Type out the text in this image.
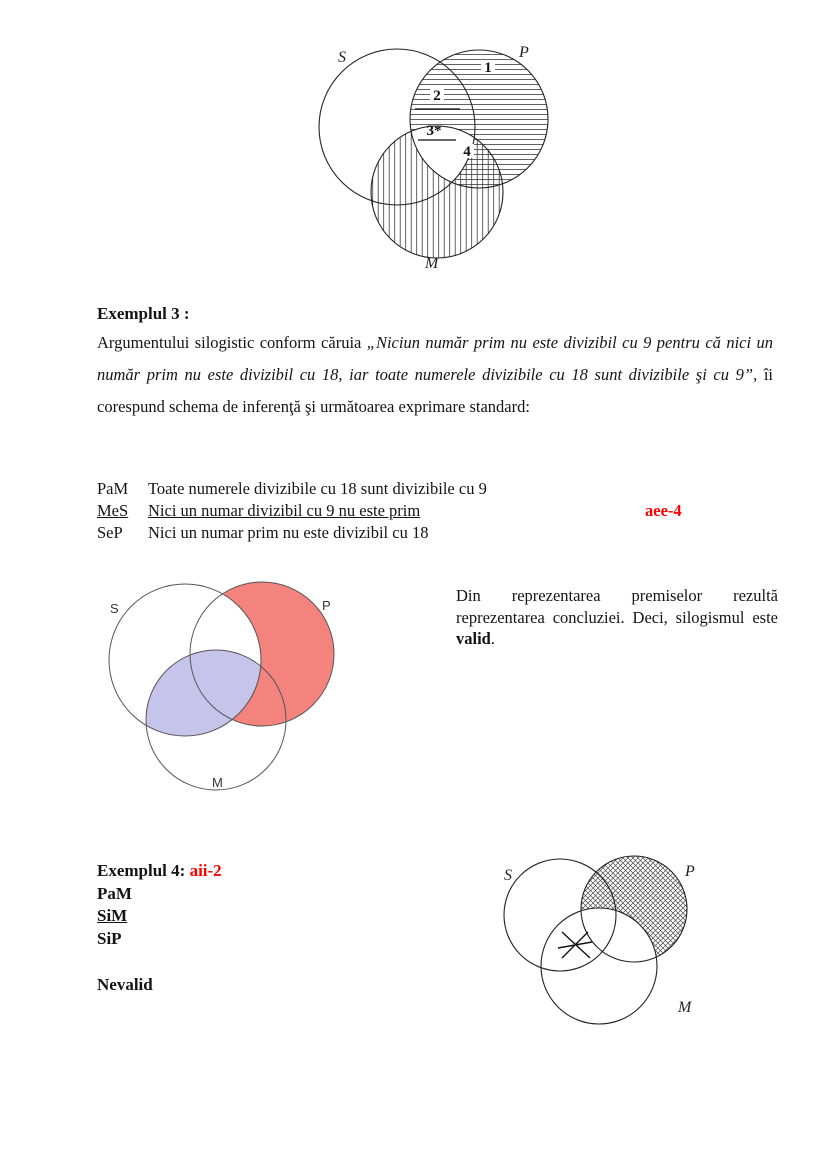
S	P
M
1
2
3*
4
Exemplul 3 :
Argumentului silogistic conform căruia „Niciun număr prim nu este divizibil cu 9 pentru că nici un număr prim nu este divizibil cu 18, iar toate numerele divizibile cu 18 sunt divizibile şi cu 9”, îi corespund schema de inferenţă şi următoarea exprimare standard:
PaM	Toate numerele divizibile cu 18 sunt divizibile cu 9
MeS	Nici un numar divizibil cu 9 nu este prim	aee-4
SeP	Nici un numar prim nu este divizibil cu 18
S	P
M
Din reprezentarea premiselor rezultă reprezentarea concluziei. Deci, silogismul este valid.
Exemplul 4: aii-2
PaM
SiM
SiP
Nevalid
S	P
M
